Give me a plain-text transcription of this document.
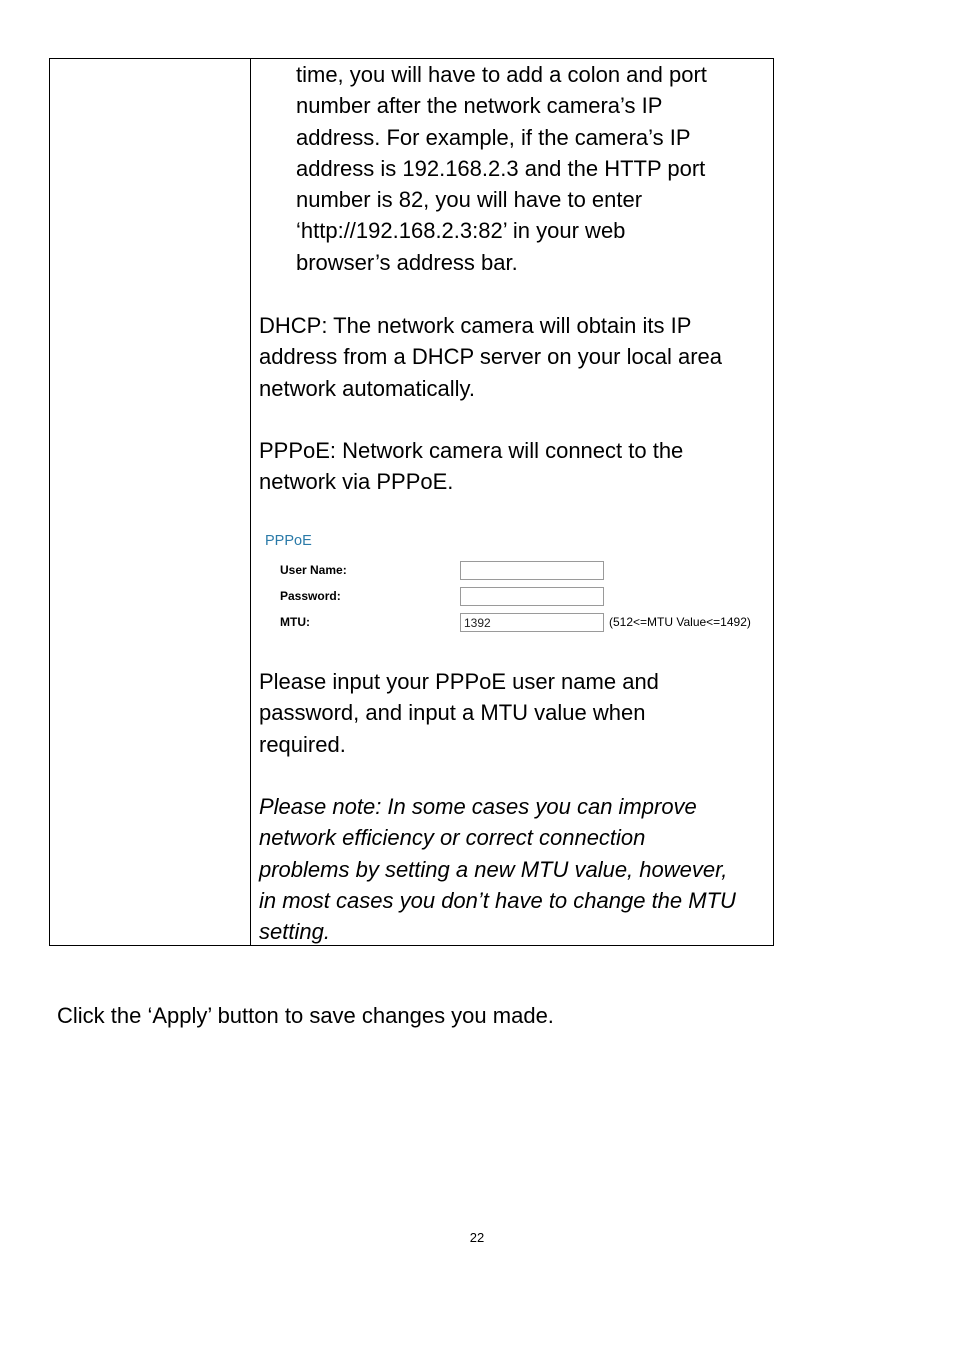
time, you will have to add a colon and port
number after the network camera’s IP
address. For example, if the camera’s IP
address is 192.168.2.3 and the HTTP port
number is 82, you will have to enter
‘http://192.168.2.3:82’ in your web
browser’s address bar.

DHCP: The network camera will obtain its IP
address from a DHCP server on your local area
network automatically.

PPPoE: Network camera will connect to the
network via PPPoE.

PPPoE
User Name:
Password:
MTU:
1392	(512<=MTU Value<=1492)

Please input your PPPoE user name and
password, and input a MTU value when
required.

Please note: In some cases you can improve
network efficiency or correct connection
problems by setting a new MTU value, however,
in most cases you don’t have to change the MTU
setting.

Click the ‘Apply’ button to save changes you made.

22
